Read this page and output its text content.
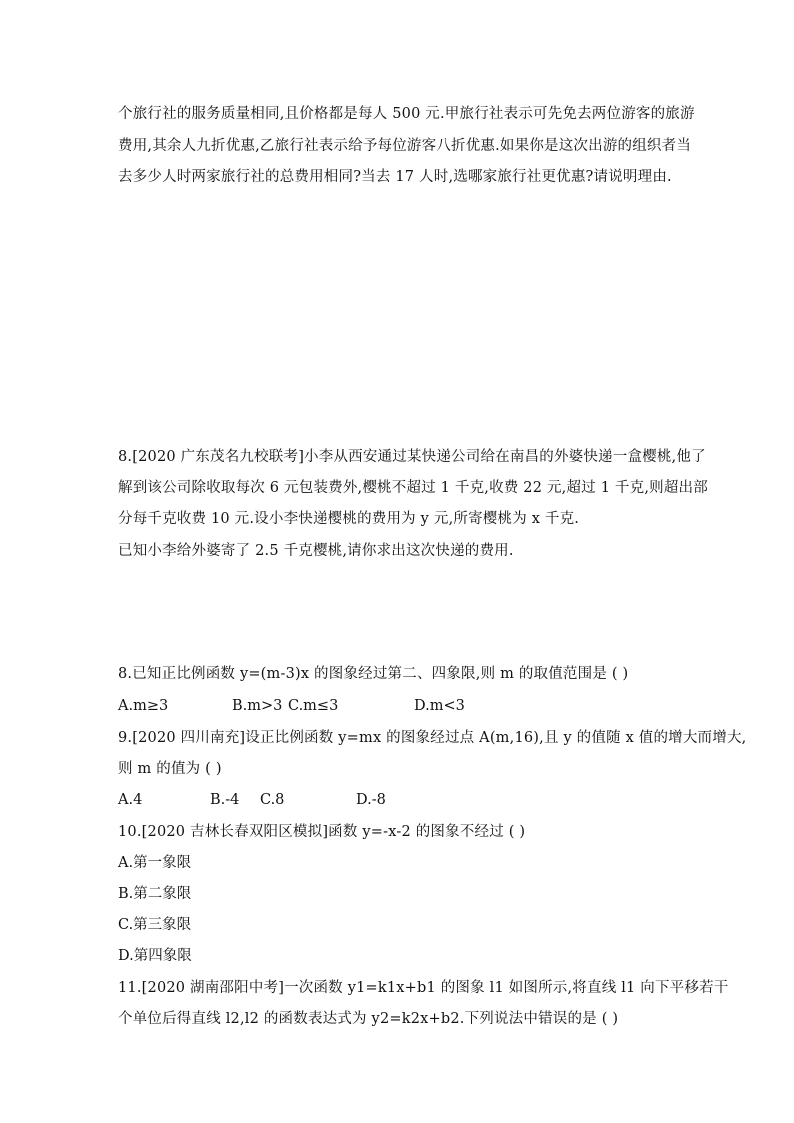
个旅行社的服务质量相同,且价格都是每人 500 元.甲旅行社表示可先免去两位游客的旅游
费用,其余人九折优惠,乙旅行社表示给予每位游客八折优惠.如果你是这次出游的组织者当
去多少人时两家旅行社的总费用相同?当去 17 人时,选哪家旅行社更优惠?请说明理由.
8.[2020 广东茂名九校联考]小李从西安通过某快递公司给在南昌的外婆快递一盒樱桃,他了
解到该公司除收取每次 6 元包装费外,樱桃不超过 1 千克,收费 22 元,超过 1 千克,则超出部
分每千克收费 10 元.设小李快递樱桃的费用为 y 元,所寄樱桃为 x 千克.
已知小李给外婆寄了 2.5 千克樱桃,请你求出这次快递的费用.
8.已知正比例函数 y=(m-3)x 的图象经过第二、四象限,则 m 的取值范围是 ( )
A.m≥3	B.m>3 C.m≤3	D.m<3
9.[2020 四川南充]设正比例函数 y=mx 的图象经过点 A(m,16),且 y 的值随 x 值的增大而增大,
则 m 的值为 ( )
A.4	B.-4 C.8	D.-8
10.[2020 吉林长春双阳区模拟]函数 y=-x-2 的图象不经过 ( )
A.第一象限
B.第二象限
C.第三象限
D.第四象限
11.[2020 湖南邵阳中考]一次函数 y1=k1x+b1 的图象 l1 如图所示,将直线 l1 向下平移若干
个单位后得直线 l2,l2 的函数表达式为 y2=k2x+b2.下列说法中错误的是 ( )
